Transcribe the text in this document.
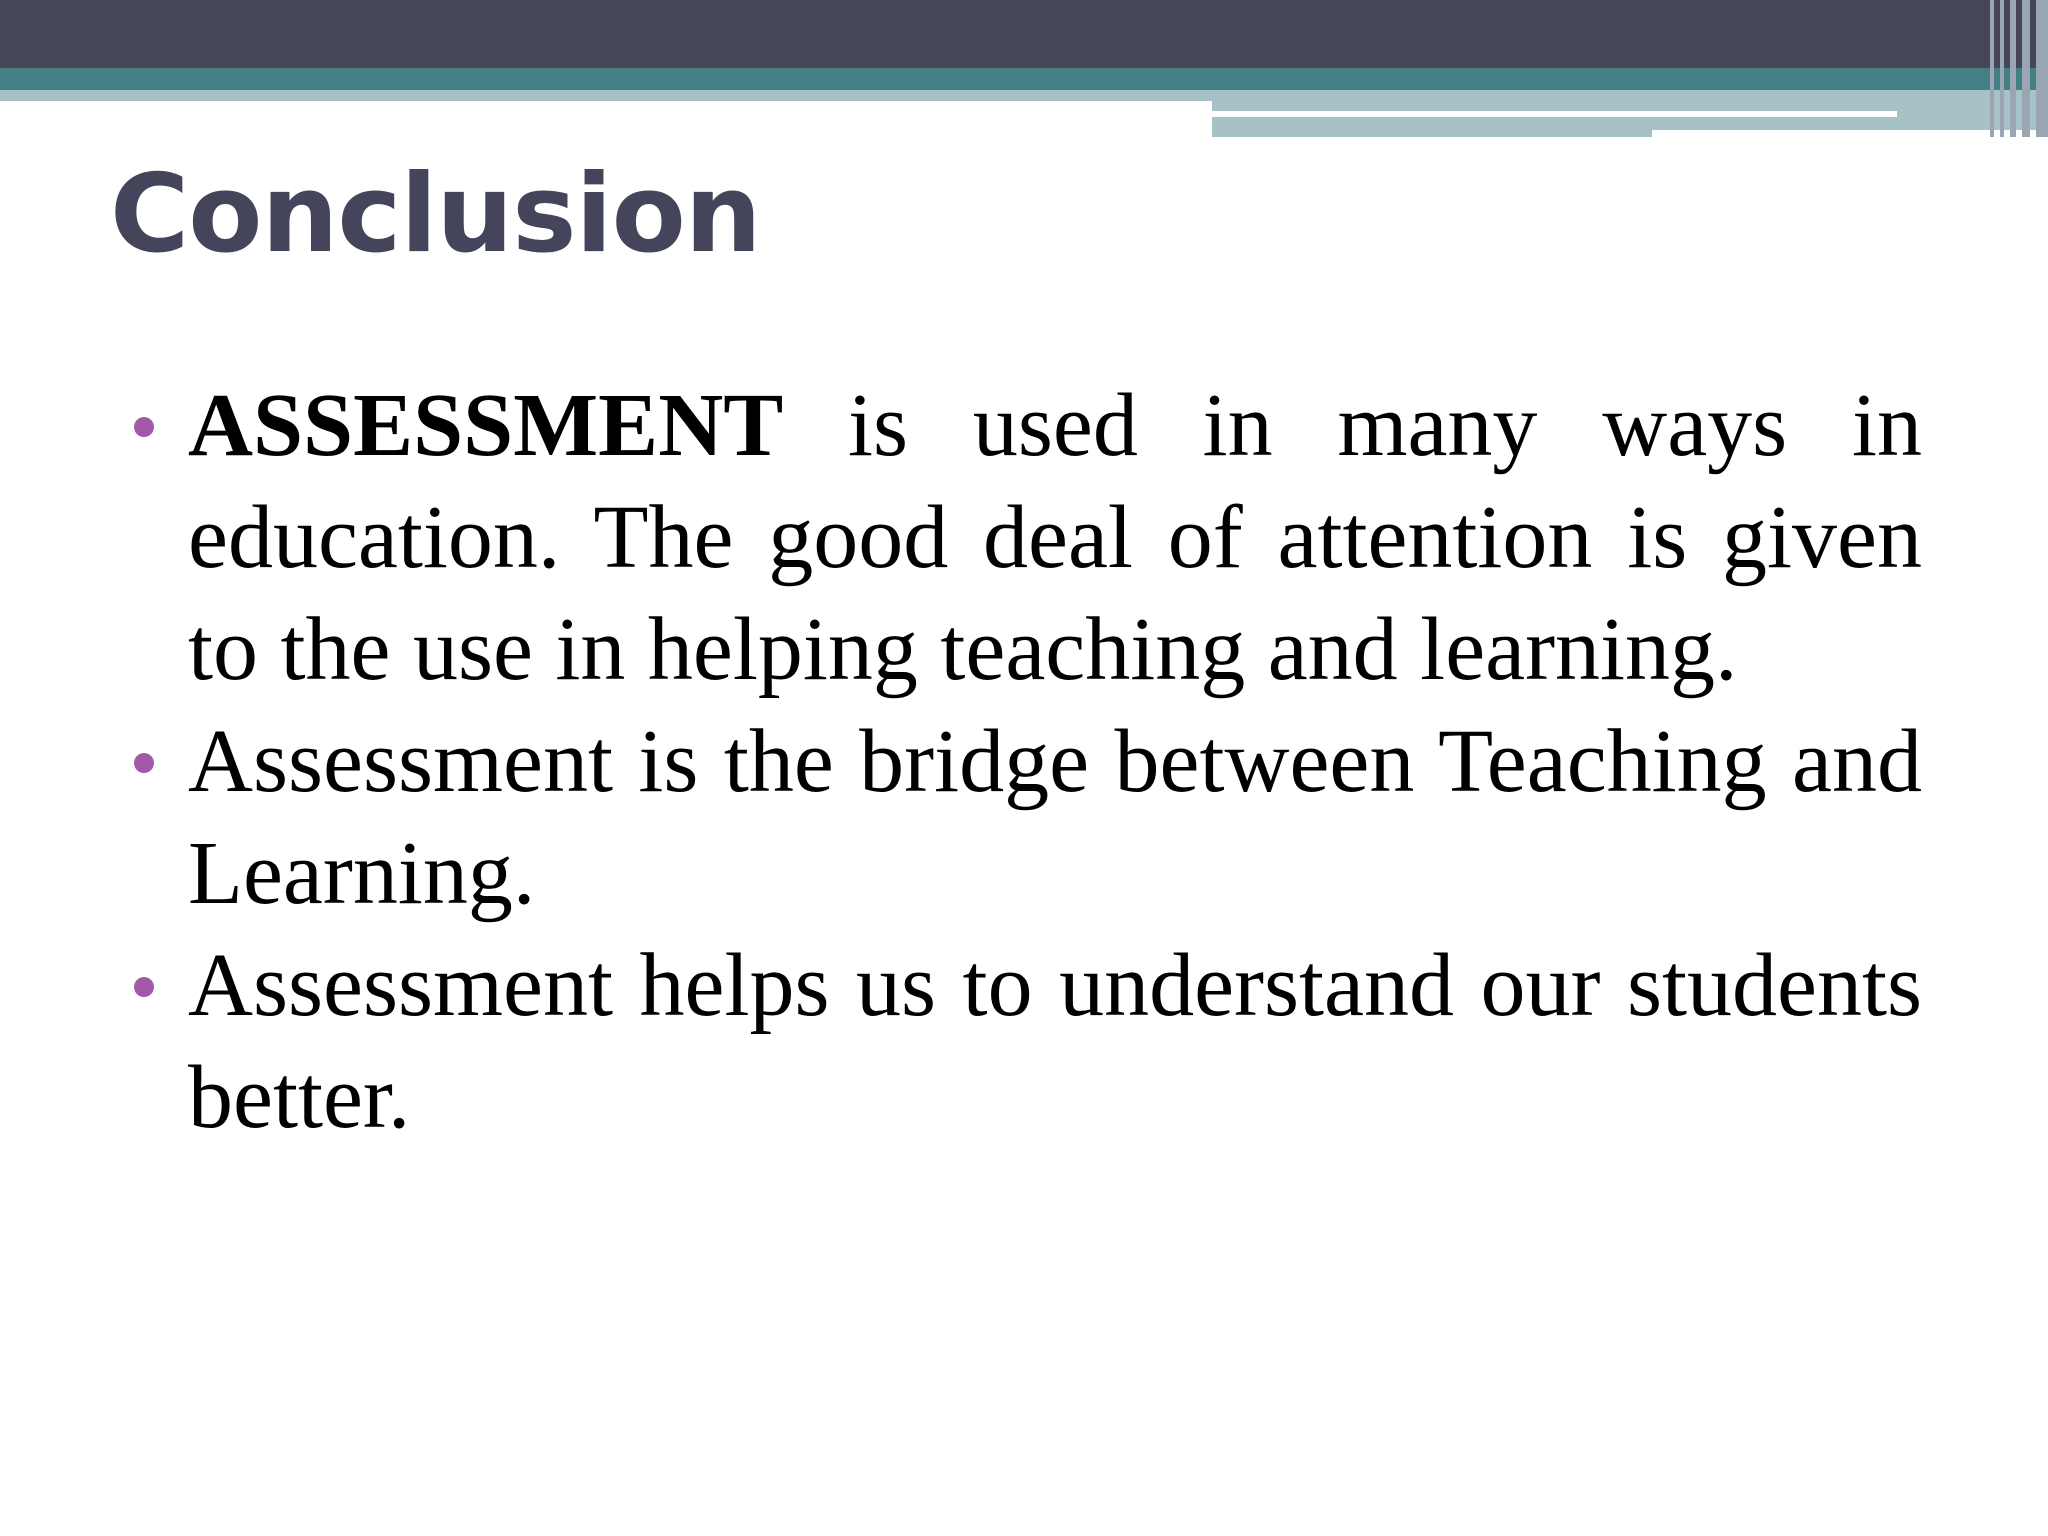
Conclusion
ASSESSMENT is used in many ways in education. The good deal of attention is given to the use in helping teaching and learning.
Assessment is the bridge between Teaching and Learning.
Assessment helps us to understand our students better.
